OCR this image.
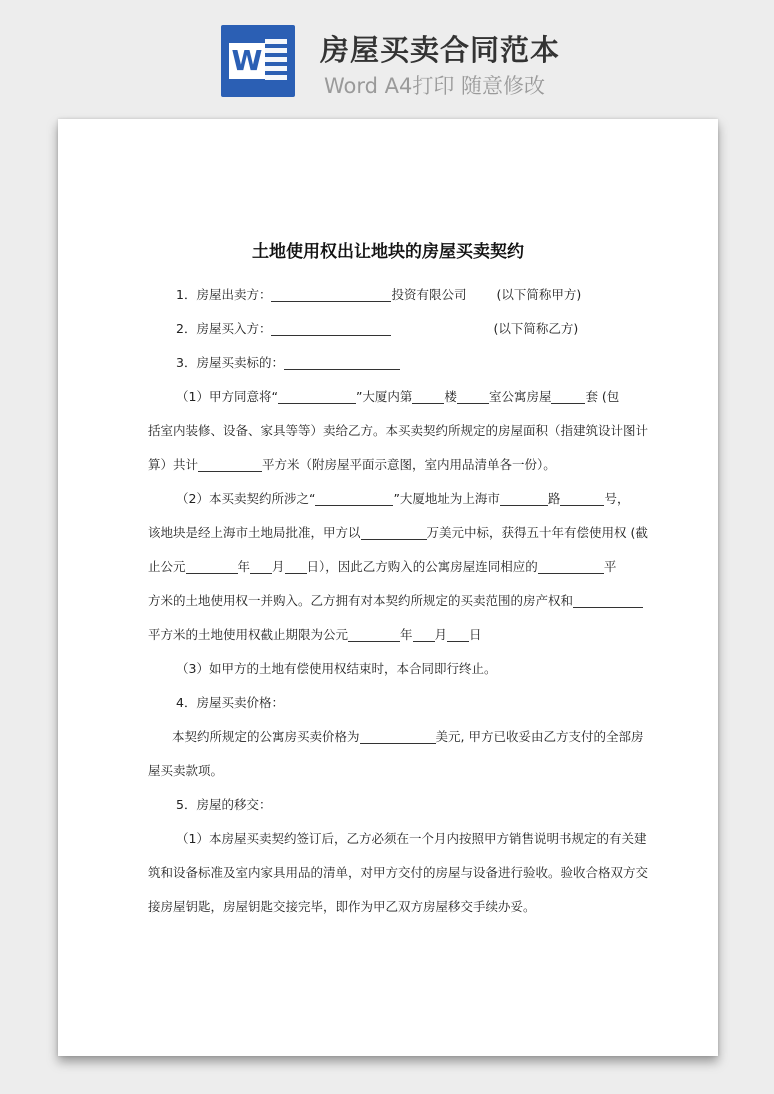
W 房屋买卖合同范本
Word A4打印 随意修改
土地使用权出让地块的房屋买卖契约
1．房屋出卖方：	投资有限公司 (以下简称甲方)
2．房屋买入方：	(以下简称乙方)
3．房屋买卖标的：
（1）甲方同意将“	”大厦内第	楼	室公寓房屋	套 (包
括室内装修、设备、家具等等）卖给乙方。本买卖契约所规定的房屋面积（指建筑设计图计
算）共计	平方米（附房屋平面示意图，室内用品清单各一份）。
（2）本买卖契约所涉之“	”大厦地址为上海市	路	号，
该地块是经上海市土地局批准，甲方以	万美元中标，获得五十年有偿使用权 (截
止公元	年 月 日），因此乙方购入的公寓房屋连同相应的	平
方米的土地使用权一并购入。乙方拥有对本契约所规定的买卖范围的房产权和
平方米的土地使用权截止期限为公元	年 月 日
（3）如甲方的土地有偿使用权结束时，本合同即行终止。
4．房屋买卖价格：
本契约所规定的公寓房买卖价格为	美元, 甲方已收妥由乙方支付的全部房
屋买卖款项。
5．房屋的移交：
（1）本房屋买卖契约签订后，乙方必须在一个月内按照甲方销售说明书规定的有关建
筑和设备标准及室内家具用品的清单，对甲方交付的房屋与设备进行验收。验收合格双方交
接房屋钥匙，房屋钥匙交接完毕，即作为甲乙双方房屋移交手续办妥。
